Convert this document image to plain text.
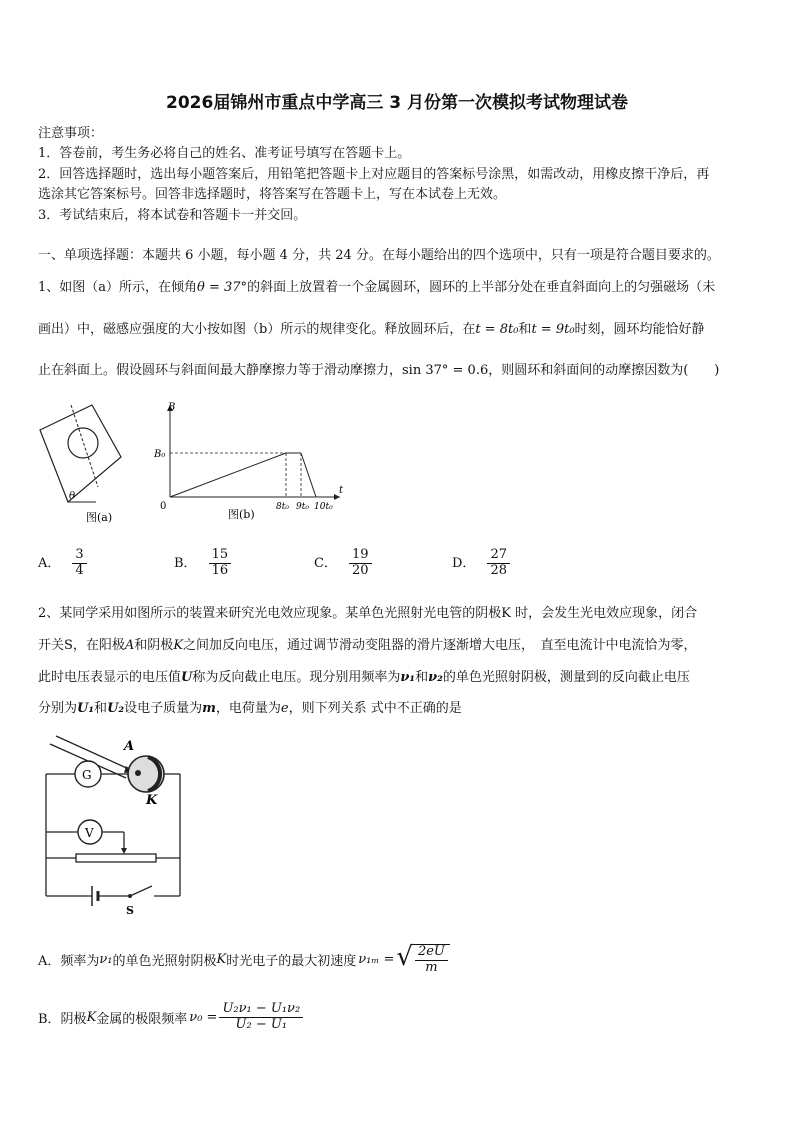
2026届锦州市重点中学高三 3 月份第一次模拟考试物理试卷
注意事项：
1．答卷前，考生务必将自己的姓名、准考证号填写在答题卡上。
2．回答选择题时，选出每小题答案后，用铅笔把答题卡上对应题目的答案标号涂黑，如需改动，用橡皮擦干净后，再
选涂其它答案标号。回答非选择题时，将答案写在答题卡上，写在本试卷上无效。
3．考试结束后，将本试卷和答题卡一并交回。
一、单项选择题：本题共 6 小题，每小题 4 分，共 24 分。在每小题给出的四个选项中，只有一项是符合题目要求的。
1、如图（a）所示，在倾角θ = 37°的斜面上放置着一个金属圆环，圆环的上半部分处在垂直斜面向上的匀强磁场（未
画出）中，磁感应强度的大小按如图（b）所示的规律变化。释放圆环后，在t = 8t₀和t = 9t₀时刻，圆环均能恰好静
止在斜面上。假设圆环与斜面间最大静摩擦力等于滑动摩擦力，sin 37° = 0.6，则圆环和斜面间的动摩擦因数为(　　)
θ
图(a)
B
B₀
0
t
8t₀ 9t₀ 10t₀
图(b)
A． $\frac{3}{4}$	B． $\frac{15}{16}$	C． $\frac{19}{20}$	D． $\frac{27}{28}$
2、某同学采用如图所示的装置来研究光电效应现象。某单色光照射光电管的阴极K 时，会发生光电效应现象，闭合
开关S，在阳极A和阴极K之间加反向电压，通过调节滑动变阻器的滑片逐渐增大电压，　直至电流计中电流恰为零，
此时电压表显示的电压值U称为反向截止电压。现分别用频率为ν₁和ν₂的单色光照射阴极，测量到的反向截止电压
分别为U₁和U₂设电子质量为m，电荷量为e，则下列关系 式中不正确的是
A
K
G
V
S
A．频率为 ν₁ 的单色光照射阴极 K 时光电子的最大初速度 ν₁ₘ = √ $\frac{2eU}{m}$
B．阴极 K 金属的极限频率 $\nu_0 = \frac{\text{U₂ν₁ − U₁ν₂}}{\text{U₂ − U₁}}$
